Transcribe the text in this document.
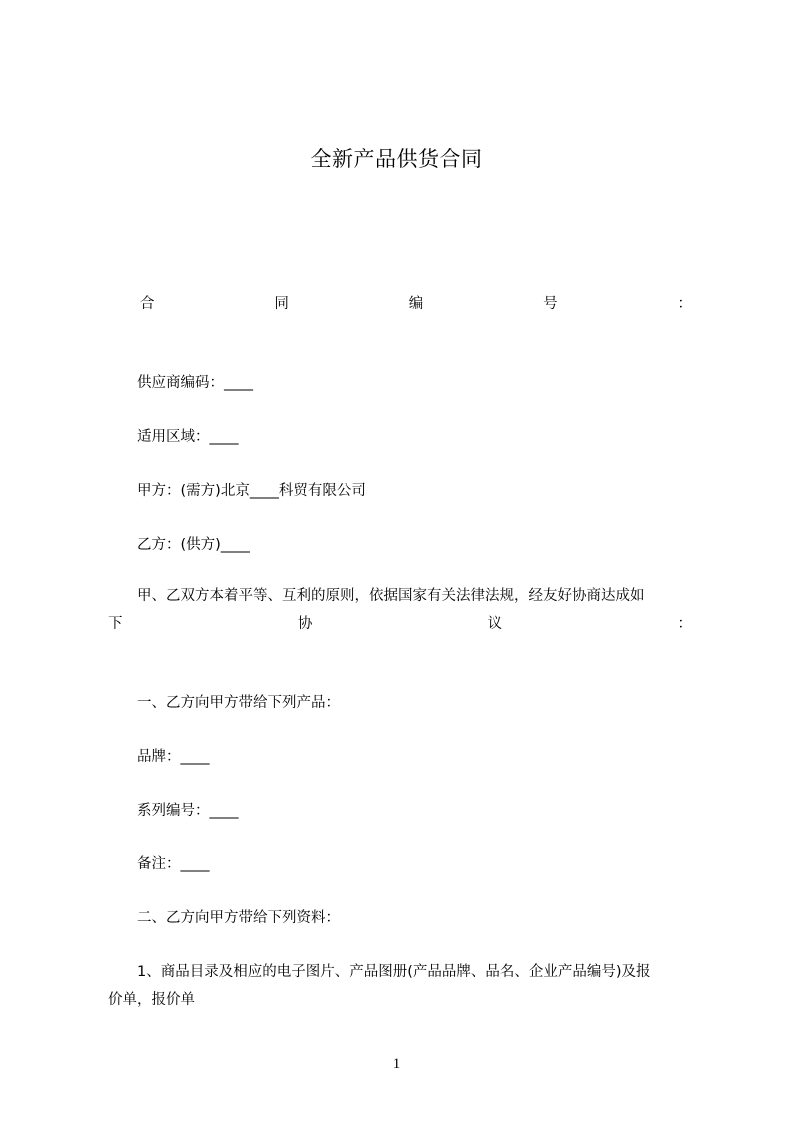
全新产品供货合同
合	同	编	号	：
供应商编码：____
适用区域：____
甲方：(需方)北京____科贸有限公司
乙方：(供方)____
甲、乙双方本着平等、互利的原则，依据国家有关法律法规，经友好协商达成如
下	协	议	：
一、乙方向甲方带给下列产品：
品牌：____
系列编号：____
备注：____
二、乙方向甲方带给下列资料：
1、商品目录及相应的电子图片、产品图册(产品品牌、品名、企业产品编号)及报
价单，报价单
1
